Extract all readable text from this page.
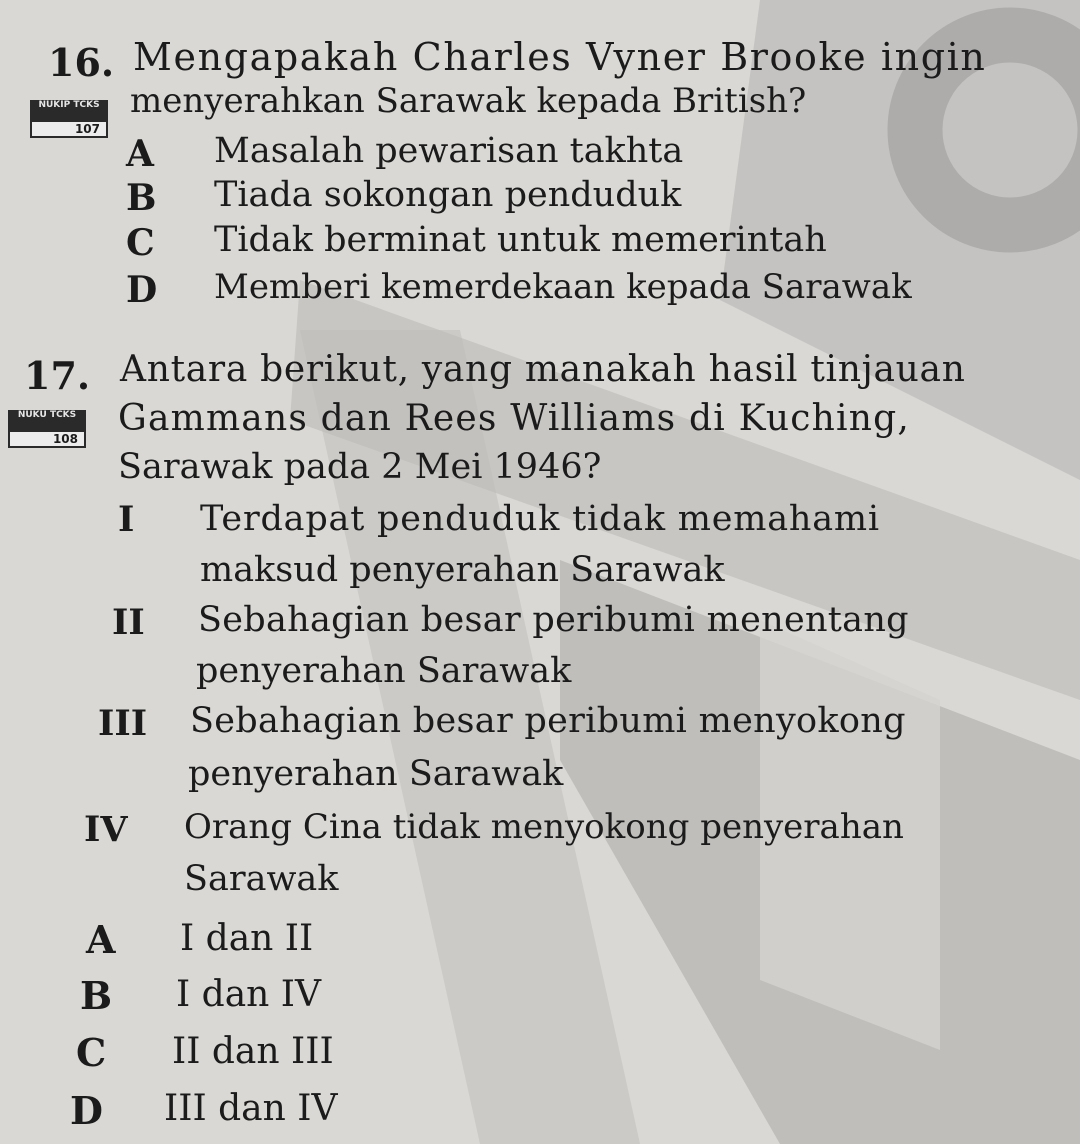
16. Mengapakah Charles Vyner Brooke ingin
menyerahkan Sarawak kepada British?
A Masalah pewarisan takhta
B Tiada sokongan penduduk
C Tidak berminat untuk memerintah
D Memberi kemerdekaan kepada Sarawak
NUKIP TCKS
107
17. Antara berikut, yang manakah hasil tinjauan
Gammans dan Rees Williams di Kuching,
Sarawak pada 2 Mei 1946?
I Terdapat penduduk tidak memahami
maksud penyerahan Sarawak
II Sebahagian besar peribumi menentang
penyerahan Sarawak
III Sebahagian besar peribumi menyokong
penyerahan Sarawak
IV Orang Cina tidak menyokong penyerahan
Sarawak
A I dan II
B I dan IV
C II dan III
D III dan IV
NUKU TCKS
108
